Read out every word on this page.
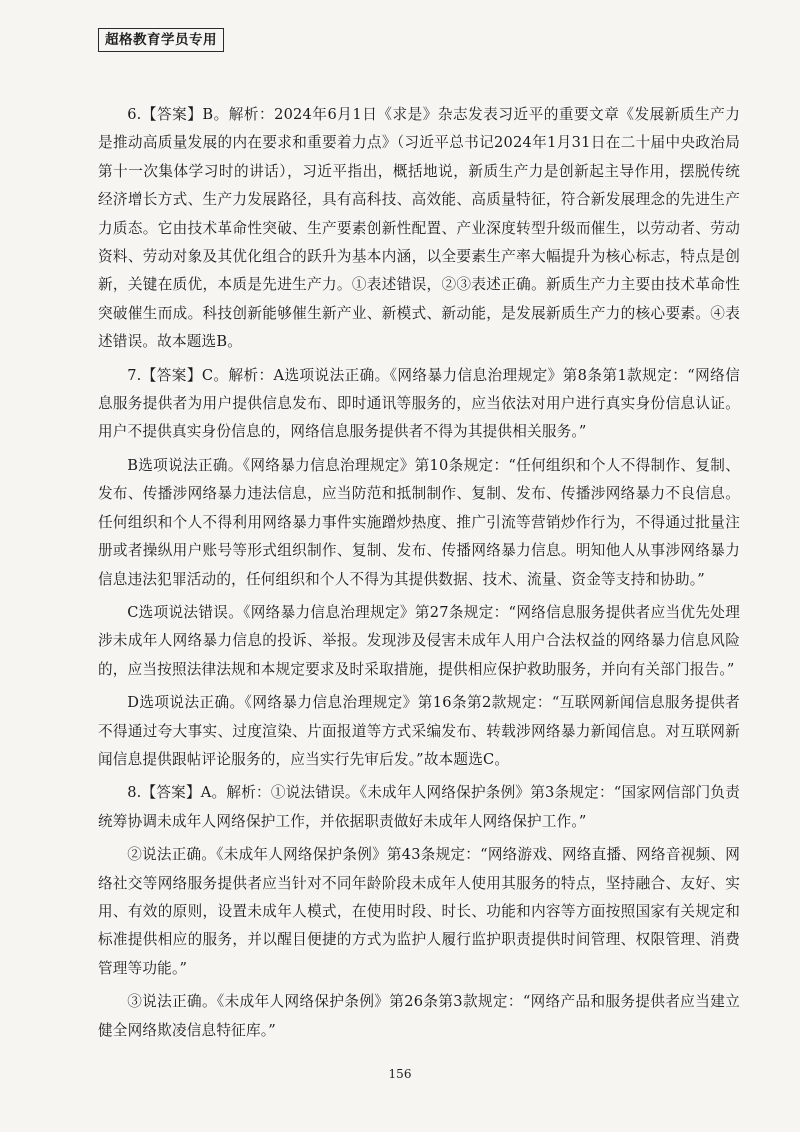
超格教育学员专用

6.【答案】B。解析：2024年6月1日《求是》杂志发表习近平的重要文章《发展新质生产力是推动高质量发展的内在要求和重要着力点》（习近平总书记2024年1月31日在二十届中央政治局第十一次集体学习时的讲话），习近平指出，概括地说，新质生产力是创新起主导作用，摆脱传统经济增长方式、生产力发展路径，具有高科技、高效能、高质量特征，符合新发展理念的先进生产力质态。它由技术革命性突破、生产要素创新性配置、产业深度转型升级而催生，以劳动者、劳动资料、劳动对象及其优化组合的跃升为基本内涵，以全要素生产率大幅提升为核心标志，特点是创新，关键在质优，本质是先进生产力。①表述错误，②③表述正确。新质生产力主要由技术革命性突破催生而成。科技创新能够催生新产业、新模式、新动能，是发展新质生产力的核心要素。④表述错误。故本题选B。

7.【答案】C。解析：A选项说法正确。《网络暴力信息治理规定》第8条第1款规定：“网络信息服务提供者为用户提供信息发布、即时通讯等服务的，应当依法对用户进行真实身份信息认证。用户不提供真实身份信息的，网络信息服务提供者不得为其提供相关服务。”

B选项说法正确。《网络暴力信息治理规定》第10条规定：“任何组织和个人不得制作、复制、发布、传播涉网络暴力违法信息，应当防范和抵制制作、复制、发布、传播涉网络暴力不良信息。任何组织和个人不得利用网络暴力事件实施蹭炒热度、推广引流等营销炒作行为，不得通过批量注册或者操纵用户账号等形式组织制作、复制、发布、传播网络暴力信息。明知他人从事涉网络暴力信息违法犯罪活动的，任何组织和个人不得为其提供数据、技术、流量、资金等支持和协助。”

C选项说法错误。《网络暴力信息治理规定》第27条规定：“网络信息服务提供者应当优先处理涉未成年人网络暴力信息的投诉、举报。发现涉及侵害未成年人用户合法权益的网络暴力信息风险的，应当按照法律法规和本规定要求及时采取措施，提供相应保护救助服务，并向有关部门报告。”

D选项说法正确。《网络暴力信息治理规定》第16条第2款规定：“互联网新闻信息服务提供者不得通过夸大事实、过度渲染、片面报道等方式采编发布、转载涉网络暴力新闻信息。对互联网新闻信息提供跟帖评论服务的，应当实行先审后发。”故本题选C。

8.【答案】A。解析：①说法错误。《未成年人网络保护条例》第3条规定：“国家网信部门负责统筹协调未成年人网络保护工作，并依据职责做好未成年人网络保护工作。”

②说法正确。《未成年人网络保护条例》第43条规定：“网络游戏、网络直播、网络音视频、网络社交等网络服务提供者应当针对不同年龄阶段未成年人使用其服务的特点，坚持融合、友好、实用、有效的原则，设置未成年人模式，在使用时段、时长、功能和内容等方面按照国家有关规定和标准提供相应的服务，并以醒目便捷的方式为监护人履行监护职责提供时间管理、权限管理、消费管理等功能。”

③说法正确。《未成年人网络保护条例》第26条第3款规定：“网络产品和服务提供者应当建立健全网络欺凌信息特征库。”

156
